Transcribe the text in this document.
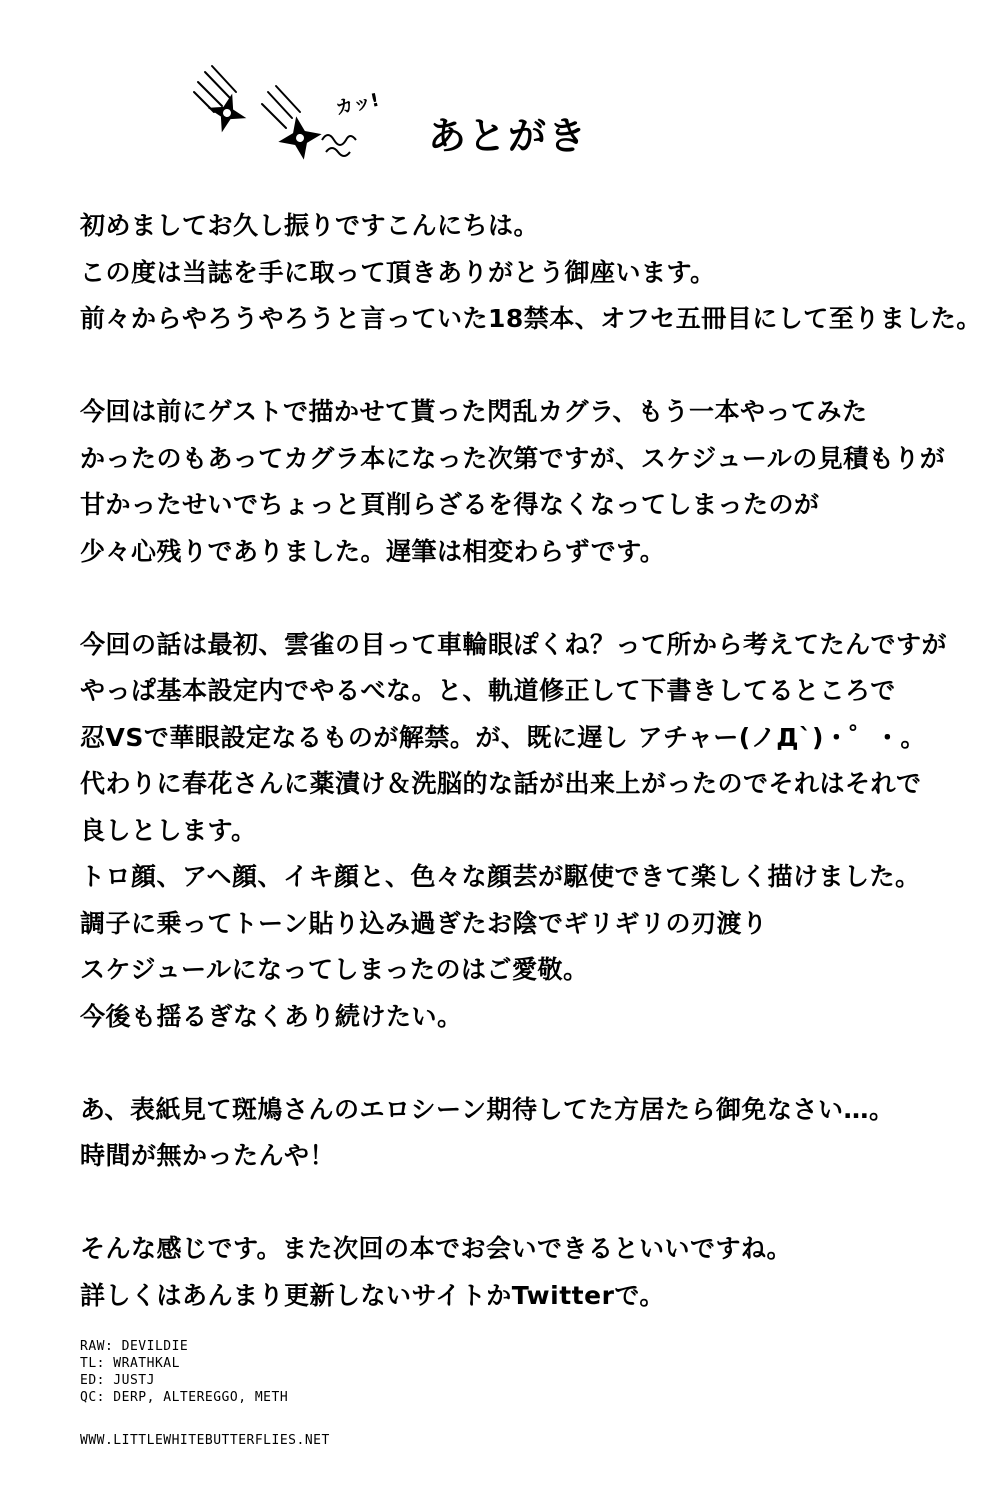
カッ!
あとがき
初めましてお久し振りですこんにちは。
この度は当誌を手に取って頂きありがとう御座います。
前々からやろうやろうと言っていた18禁本、オフセ五冊目にして至りました。
今回は前にゲストで描かせて貰った閃乱カグラ、もう一本やってみた
かったのもあってカグラ本になった次第ですが、スケジュールの見積もりが
甘かったせいでちょっと頁削らざるを得なくなってしまったのが
少々心残りでありました。遅筆は相変わらずです。
今回の話は最初、雲雀の目って車輪眼ぽくね？って所から考えてたんですが
やっぱ基本設定内でやるべな。と、軌道修正して下書きしてるところで
忍VSで華眼設定なるものが解禁。が、既に遅し アチャー(ノД`)・゜・。
代わりに春花さんに薬漬け＆洗脳的な話が出来上がったのでそれはそれで
良しとします。
トロ顔、アヘ顔、イキ顔と、色々な顔芸が駆使できて楽しく描けました。
調子に乗ってトーン貼り込み過ぎたお陰でギリギリの刃渡り
スケジュールになってしまったのはご愛敬。
今後も揺るぎなくあり続けたい。
あ、表紙見て斑鳩さんのエロシーン期待してた方居たら御免なさい…。
時間が無かったんや！
そんな感じです。また次回の本でお会いできるといいですね。
詳しくはあんまり更新しないサイトかTwitterで。
RAW: DEVILDIE
TL: WRATHKAL
ED: JUSTJ
QC: DERP, ALTEREGGO, METH
WWW.LITTLEWHITEBUTTERFLIES.NET
